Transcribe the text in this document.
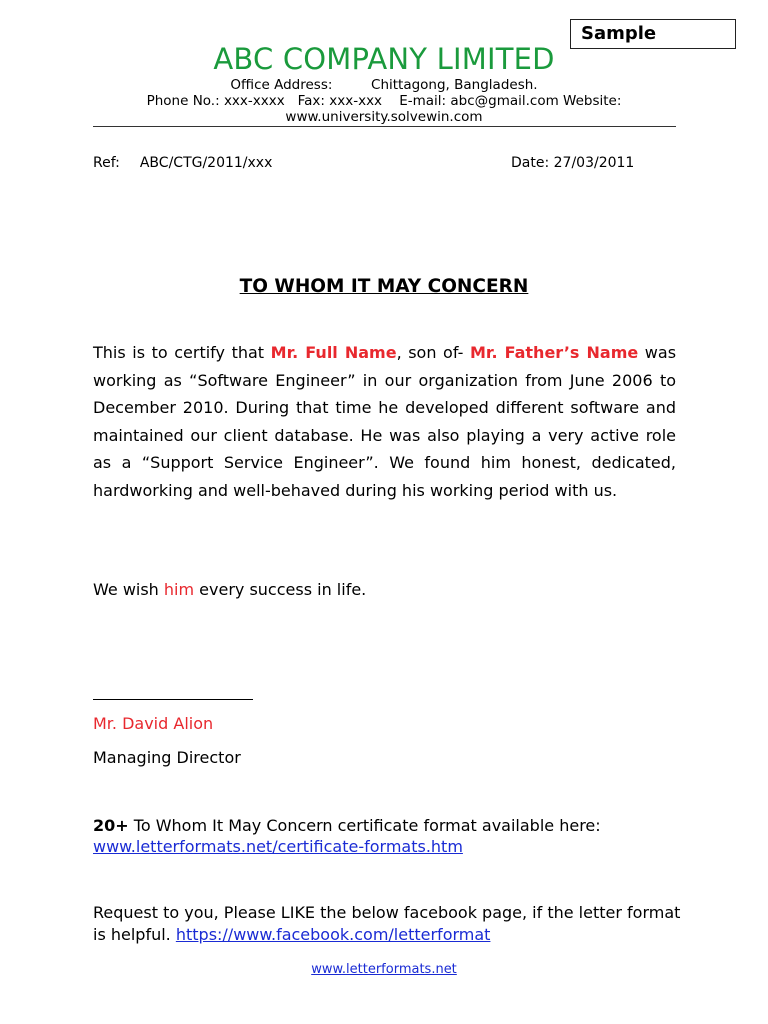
Sample
ABC COMPANY LIMITED
Office Address:	Chittagong, Bangladesh.
Phone No.: xxx-xxxx   Fax: xxx-xxx    E-mail: abc@gmail.com Website:
www.university.solvewin.com
Ref: ABC/CTG/2011/xxx	Date: 27/03/2011
TO WHOM IT MAY CONCERN
This is to certify that Mr. Full Name, son of- Mr. Father’s Name was working as “Software Engineer” in our organization from June 2006 to December 2010. During that time he developed different software and maintained our client database. He was also playing a very active role as a “Support Service Engineer”. We found him honest, dedicated, hardworking and well-behaved during his working period with us.
We wish him every success in life.
Mr. David Alion
Managing Director
20+ To Whom It May Concern certificate format available here:
www.letterformats.net/certificate-formats.htm
Request to you, Please LIKE the below facebook page, if the letter format is helpful. https://www.facebook.com/letterformat
www.letterformats.net
